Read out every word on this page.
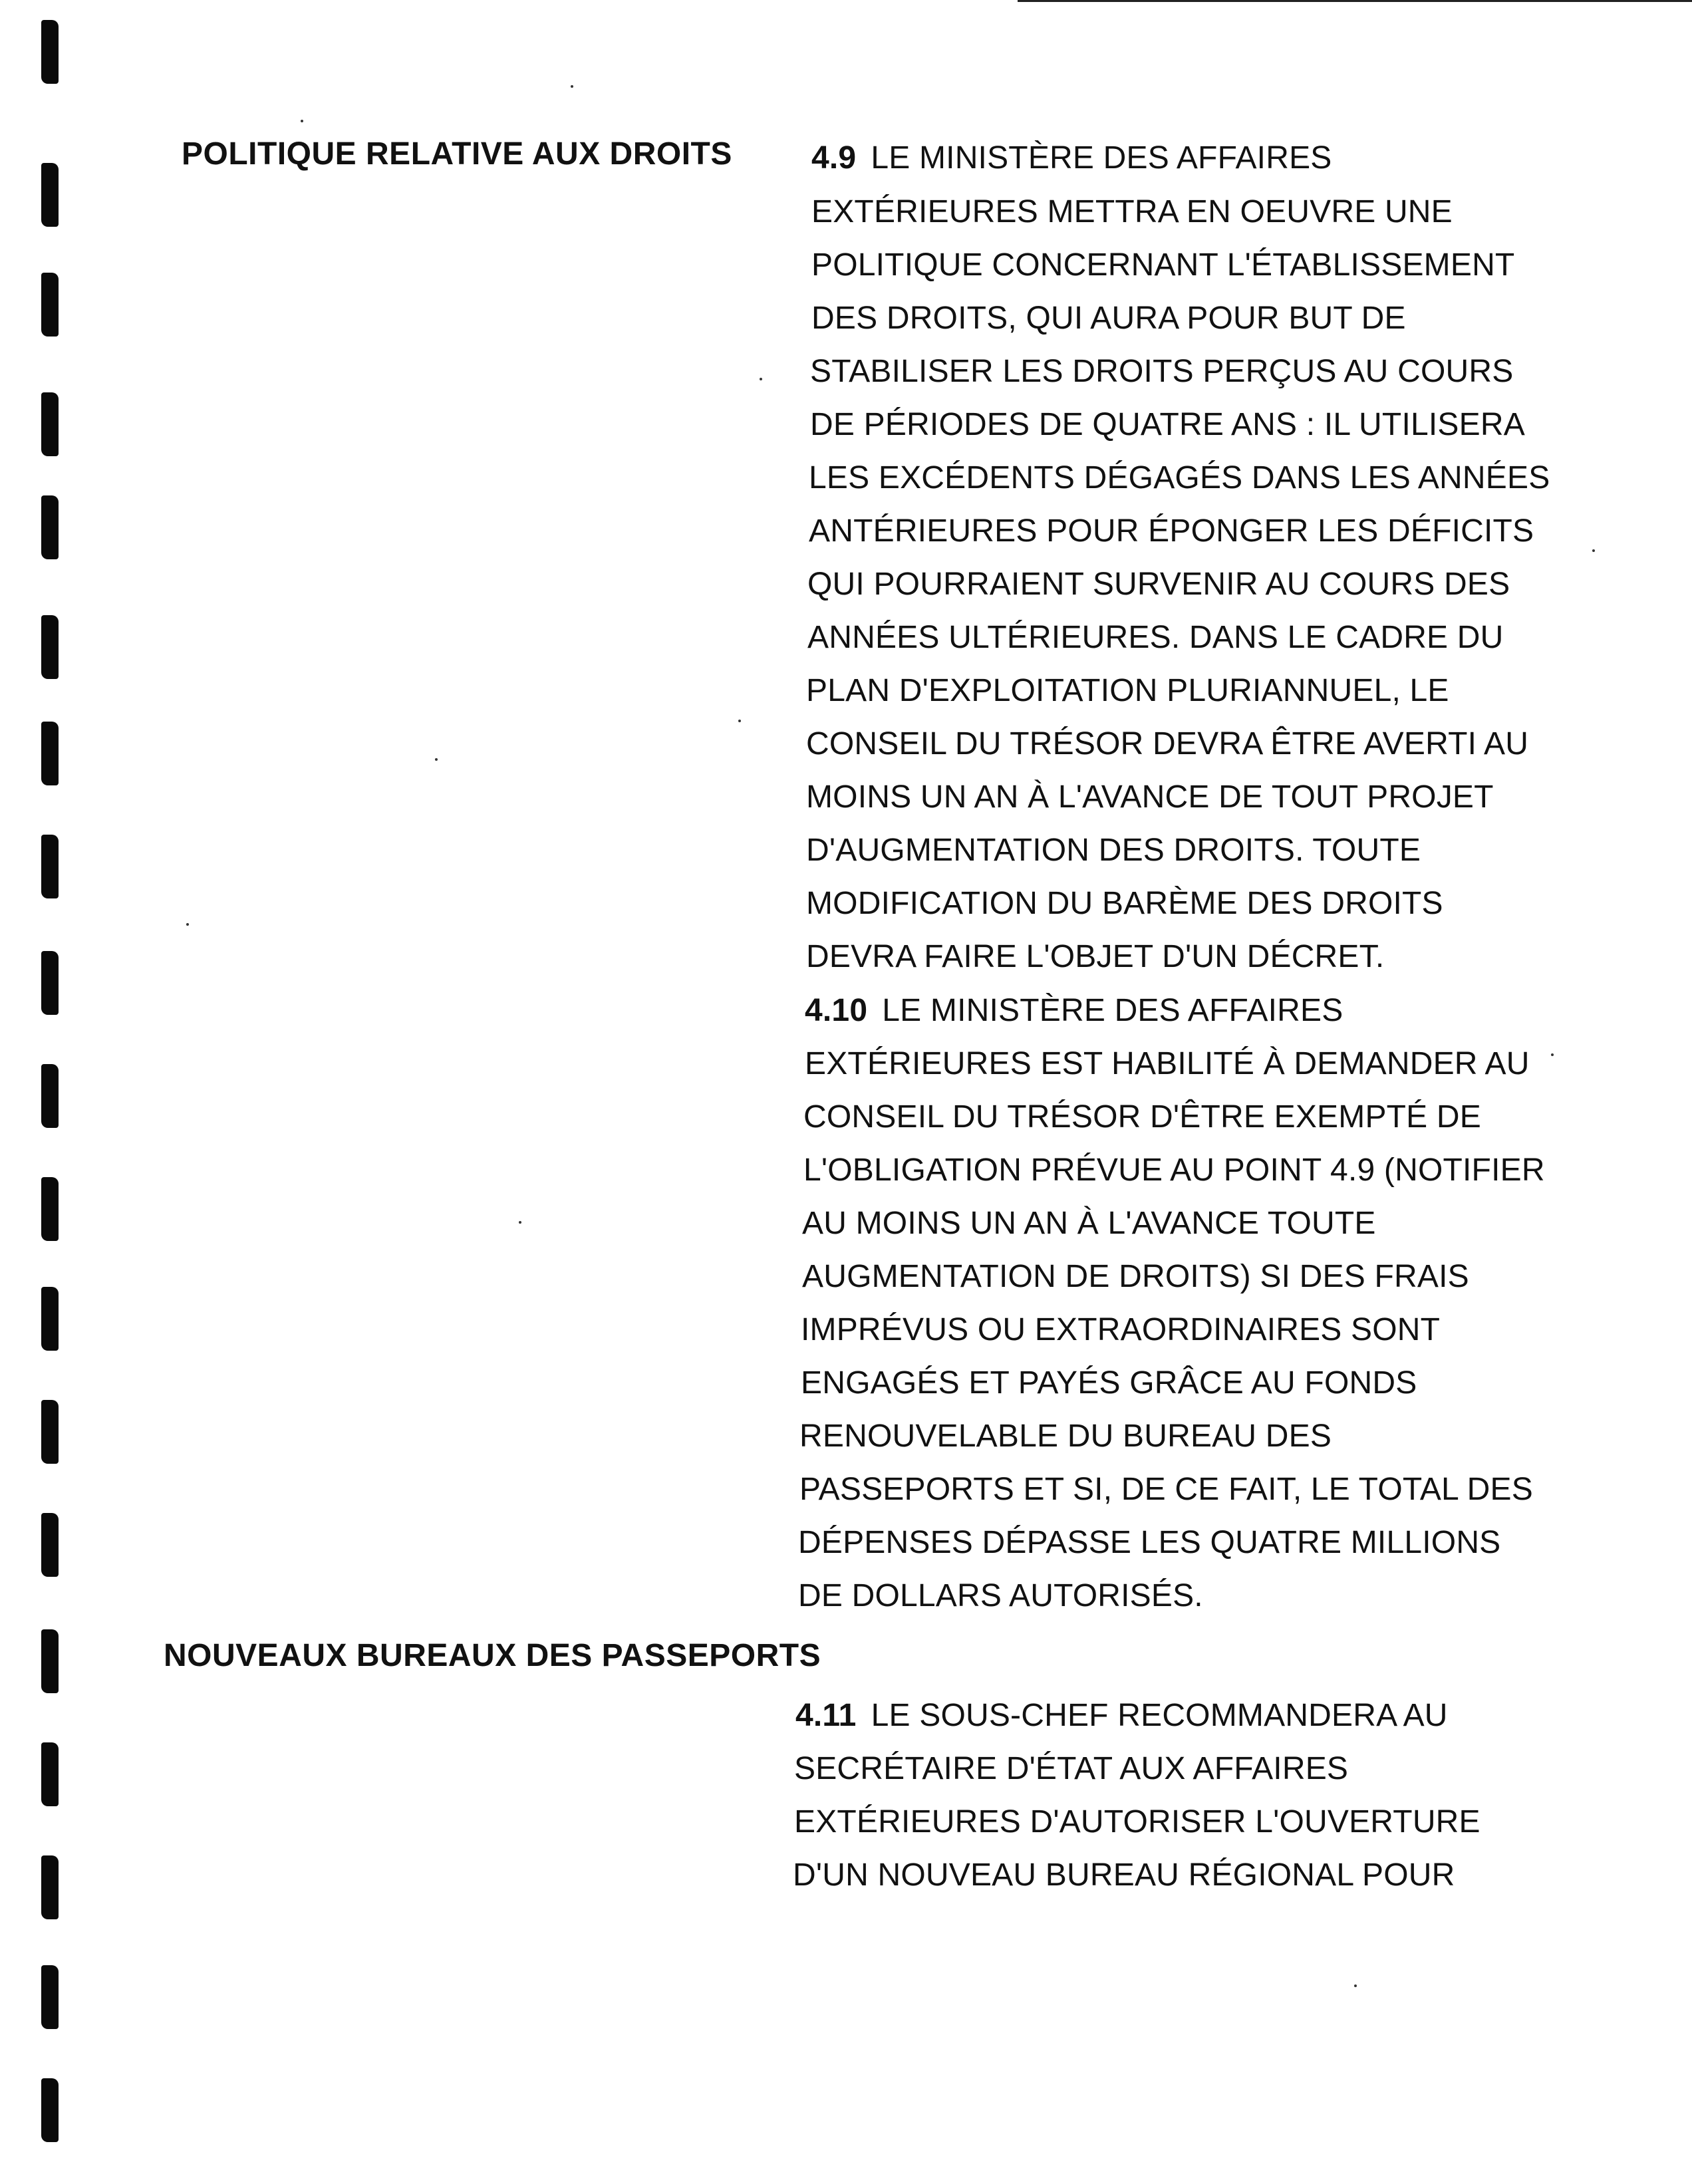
POLITIQUE RELATIVE AUX DROITS
NOUVEAUX BUREAUX DES PASSEPORTS
4.9 LE MINISTÈRE DES AFFAIRES
EXTÉRIEURES METTRA EN OEUVRE UNE
POLITIQUE CONCERNANT L'ÉTABLISSEMENT
DES DROITS, QUI AURA POUR BUT DE
STABILISER LES DROITS PERÇUS AU COURS
DE PÉRIODES DE QUATRE ANS : IL UTILISERA
LES EXCÉDENTS DÉGAGÉS DANS LES ANNÉES
ANTÉRIEURES POUR ÉPONGER LES DÉFICITS
QUI POURRAIENT SURVENIR AU COURS DES
ANNÉES ULTÉRIEURES. DANS LE CADRE DU
PLAN D'EXPLOITATION PLURIANNUEL, LE
CONSEIL DU TRÉSOR DEVRA ÊTRE AVERTI AU
MOINS UN AN À L'AVANCE DE TOUT PROJET
D'AUGMENTATION DES DROITS. TOUTE
MODIFICATION DU BARÈME DES DROITS
DEVRA FAIRE L'OBJET D'UN DÉCRET.
4.10 LE MINISTÈRE DES AFFAIRES
EXTÉRIEURES EST HABILITÉ À DEMANDER AU
CONSEIL DU TRÉSOR D'ÊTRE EXEMPTÉ DE
L'OBLIGATION PRÉVUE AU POINT 4.9 (NOTIFIER
AU MOINS UN AN À L'AVANCE TOUTE
AUGMENTATION DE DROITS) SI DES FRAIS
IMPRÉVUS OU EXTRAORDINAIRES SONT
ENGAGÉS ET PAYÉS GRÂCE AU FONDS
RENOUVELABLE DU BUREAU DES
PASSEPORTS ET SI, DE CE FAIT, LE TOTAL DES
DÉPENSES DÉPASSE LES QUATRE MILLIONS
DE DOLLARS AUTORISÉS.
4.11 LE SOUS-CHEF RECOMMANDERA AU
SECRÉTAIRE D'ÉTAT AUX AFFAIRES
EXTÉRIEURES D'AUTORISER L'OUVERTURE
D'UN NOUVEAU BUREAU RÉGIONAL POUR
